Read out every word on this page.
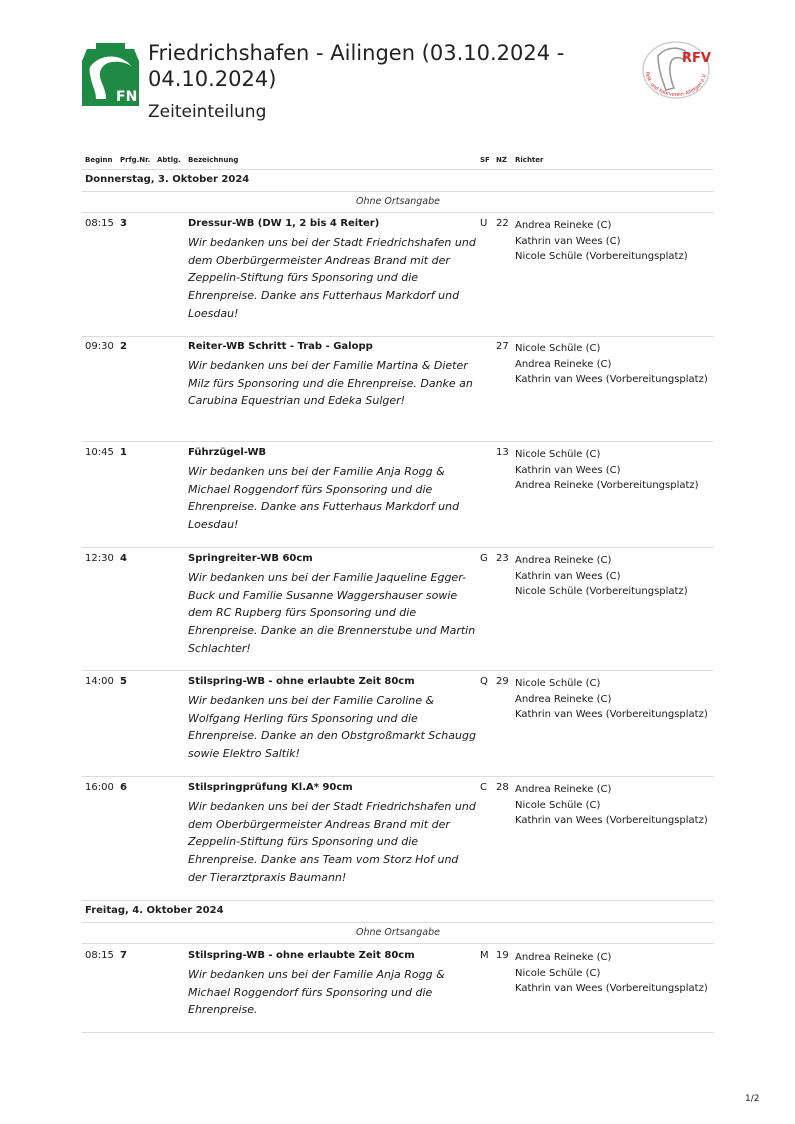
FN
RFV
Reit- und Fahrverein Ailingen e.V.
Friedrichshafen - Ailingen (03.10.2024 - 04.10.2024)
Zeiteinteilung
Beginn Prfg.Nr. Abtlg. Bezeichnung	SF NZ Richter
Donnerstag, 3. Oktober 2024
Ohne Ortsangabe
08:15 3	Dressur-WB (DW 1, 2 bis 4 Reiter)
Wir bedanken uns bei der Stadt Friedrichshafen und dem Oberbürgermeister Andreas Brand mit der Zeppelin-Stiftung fürs Sponsoring und die Ehrenpreise. Danke ans Futterhaus Markdorf und Loesdau!
U 22 Andrea Reineke (C)
Kathrin van Wees (C)
Nicole Schüle (Vorbereitungsplatz)
09:30 2	Reiter-WB Schritt - Trab - Galopp
Wir bedanken uns bei der Familie Martina & Dieter Milz fürs Sponsoring und die Ehrenpreise. Danke an Carubina Equestrian und Edeka Sulger!
27 Nicole Schüle (C)
Andrea Reineke (C)
Kathrin van Wees (Vorbereitungsplatz)
10:45 1	Führzügel-WB
Wir bedanken uns bei der Familie Anja Rogg & Michael Roggendorf fürs Sponsoring und die Ehrenpreise. Danke ans Futterhaus Markdorf und Loesdau!
13 Nicole Schüle (C)
Kathrin van Wees (C)
Andrea Reineke (Vorbereitungsplatz)
12:30 4	Springreiter-WB 60cm
Wir bedanken uns bei der Familie Jaqueline Egger-Buck und Familie Susanne Waggershauser sowie dem RC Rupberg fürs Sponsoring und die Ehrenpreise. Danke an die Brennerstube und Martin Schlachter!
G 23 Andrea Reineke (C)
Kathrin van Wees (C)
Nicole Schüle (Vorbereitungsplatz)
14:00 5	Stilspring-WB - ohne erlaubte Zeit 80cm
Wir bedanken uns bei der Familie Caroline & Wolfgang Herling fürs Sponsoring und die Ehrenpreise. Danke an den Obstgroßmarkt Schaugg sowie Elektro Saltik!
Q 29 Nicole Schüle (C)
Andrea Reineke (C)
Kathrin van Wees (Vorbereitungsplatz)
16:00 6	Stilspringprüfung Kl.A* 90cm
Wir bedanken uns bei der Stadt Friedrichshafen und dem Oberbürgermeister Andreas Brand mit der Zeppelin-Stiftung fürs Sponsoring und die Ehrenpreise. Danke ans Team vom Storz Hof und der Tierarztpraxis Baumann!
C 28 Andrea Reineke (C)
Nicole Schüle (C)
Kathrin van Wees (Vorbereitungsplatz)
Freitag, 4. Oktober 2024
Ohne Ortsangabe
08:15 7	Stilspring-WB - ohne erlaubte Zeit 80cm
Wir bedanken uns bei der Familie Anja Rogg & Michael Roggendorf fürs Sponsoring und die Ehrenpreise.
M 19 Andrea Reineke (C)
Nicole Schüle (C)
Kathrin van Wees (Vorbereitungsplatz)
1/2
